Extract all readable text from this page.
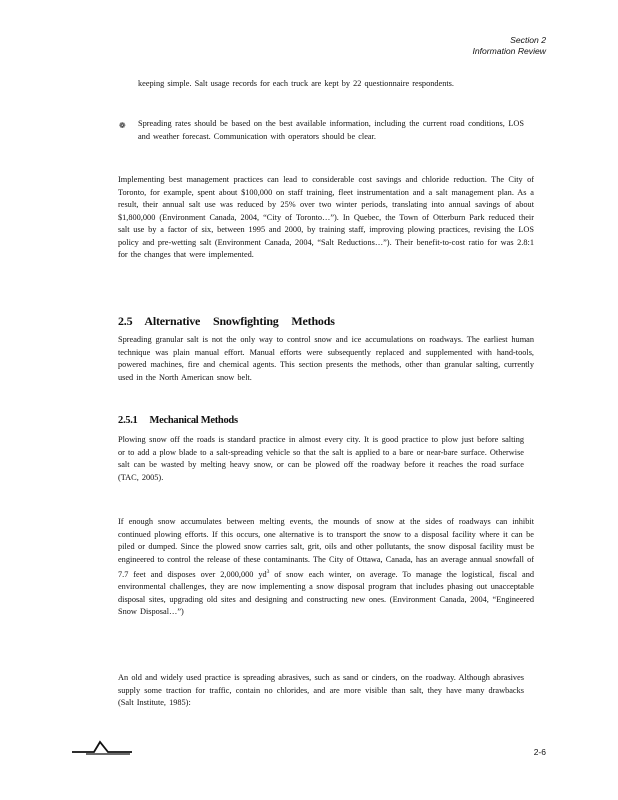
Section 2
Information Review

keeping simple. Salt usage records for each truck are kept by 22 questionnaire respondents.

❁ Spreading rates should be based on the best available information, including the current road conditions, LOS and weather forecast. Communication with operators should be clear.

Implementing best management practices can lead to considerable cost savings and chloride reduction. The City of Toronto, for example, spent about $100,000 on staff training, fleet instrumentation and a salt management plan. As a result, their annual salt use was reduced by 25% over two winter periods, translating into annual savings of about $1,800,000 (Environment Canada, 2004, “City of Toronto…”). In Quebec, the Town of Otterburn Park reduced their salt use by a factor of six, between 1995 and 2000, by training staff, improving plowing practices, revising the LOS policy and pre-wetting salt (Environment Canada, 2004, “Salt Reductions…”). Their benefit-to-cost ratio for was 2.8:1 for the changes that were implemented.

2.5 Alternative Snowfighting Methods

Spreading granular salt is not the only way to control snow and ice accumulations on roadways. The earliest human technique was plain manual effort. Manual efforts were subsequently replaced and supplemented with hand-tools, powered machines, fire and chemical agents. This section presents the methods, other than granular salting, currently used in the North American snow belt.

2.5.1 Mechanical Methods

Plowing snow off the roads is standard practice in almost every city. It is good practice to plow just before salting or to add a plow blade to a salt-spreading vehicle so that the salt is applied to a bare or near-bare surface. Otherwise salt can be wasted by melting heavy snow, or can be plowed off the roadway before it reaches the road surface (TAC, 2005).

If enough snow accumulates between melting events, the mounds of snow at the sides of roadways can inhibit continued plowing efforts. If this occurs, one alternative is to transport the snow to a disposal facility where it can be piled or dumped. Since the plowed snow carries salt, grit, oils and other pollutants, the snow disposal facility must be engineered to control the release of these contaminants. The City of Ottawa, Canada, has an average annual snowfall of 7.7 feet and disposes over 2,000,000 $yd^3$ of snow each winter, on average. To manage the logistical, fiscal and environmental challenges, they are now implementing a snow disposal program that includes phasing out unacceptable disposal sites, upgrading old sites and designing and constructing new ones. (Environment Canada, 2004, “Engineered Snow Disposal…”)

An old and widely used practice is spreading abrasives, such as sand or cinders, on the roadway. Although abrasives supply some traction for traffic, contain no chlorides, and are more visible than salt, they have many drawbacks (Salt Institute, 1985):

2-6
